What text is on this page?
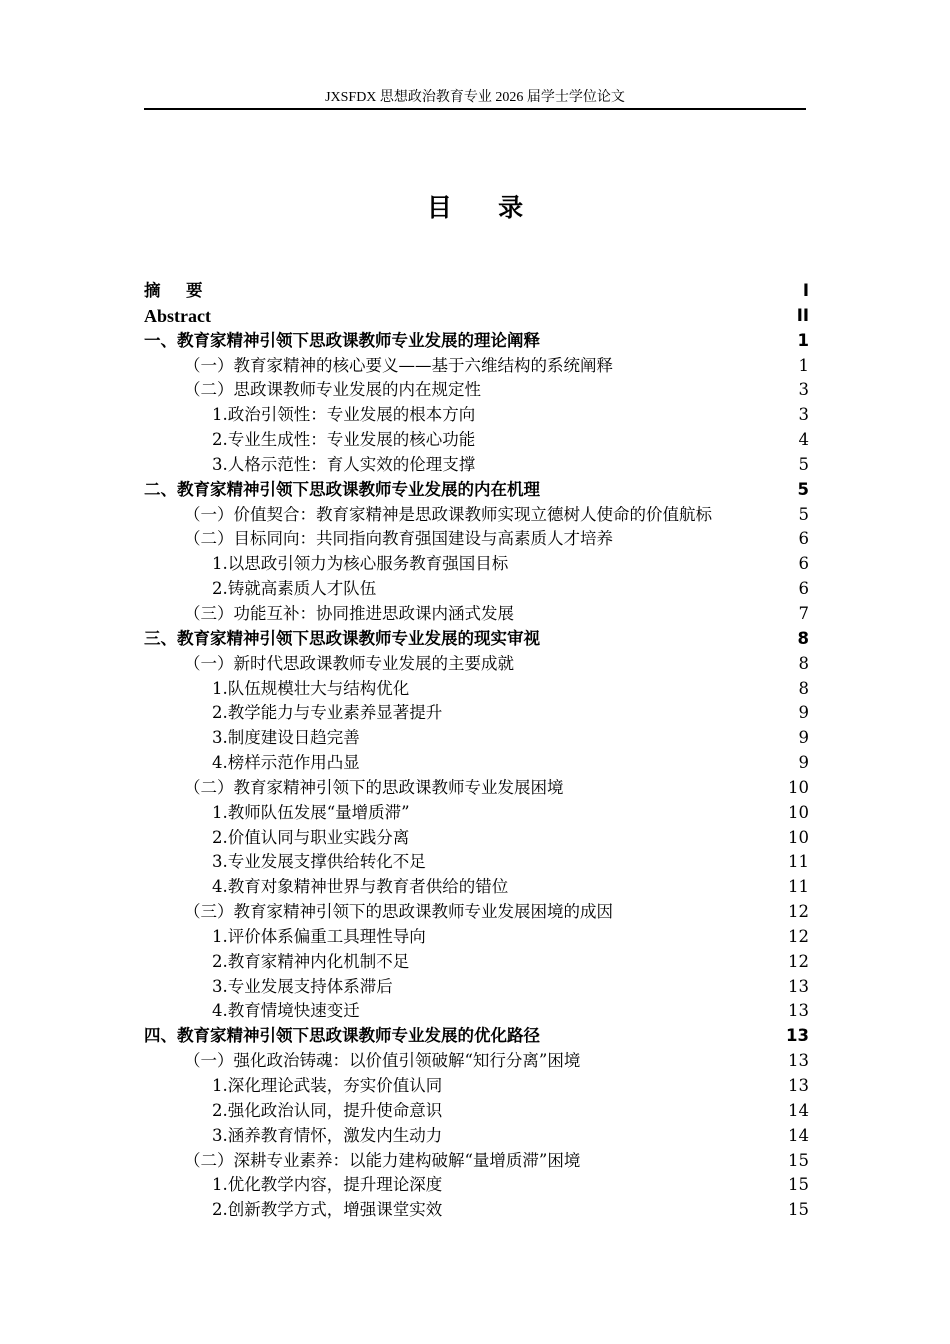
JXSFDX 思想政治教育专业 2026 届学士学位论文
目 录
摘 要	I
Abstract	II
一、教育家精神引领下思政课教师专业发展的理论阐释	1
（一）教育家精神的核心要义——基于六维结构的系统阐释	1
（二）思政课教师专业发展的内在规定性	3
1.政治引领性：专业发展的根本方向	3
2.专业生成性：专业发展的核心功能	4
3.人格示范性：育人实效的伦理支撑	5
二、教育家精神引领下思政课教师专业发展的内在机理	5
（一）价值契合：教育家精神是思政课教师实现立德树人使命的价值航标	5
（二）目标同向：共同指向教育强国建设与高素质人才培养	6
1.以思政引领力为核心服务教育强国目标	6
2.铸就高素质人才队伍	6
（三）功能互补：协同推进思政课内涵式发展	7
三、教育家精神引领下思政课教师专业发展的现实审视	8
（一）新时代思政课教师专业发展的主要成就	8
1.队伍规模壮大与结构优化	8
2.教学能力与专业素养显著提升	9
3.制度建设日趋完善	9
4.榜样示范作用凸显	9
（二）教育家精神引领下的思政课教师专业发展困境	10
1.教师队伍发展“量增质滞”	10
2.价值认同与职业实践分离	10
3.专业发展支撑供给转化不足	11
4.教育对象精神世界与教育者供给的错位	11
（三）教育家精神引领下的思政课教师专业发展困境的成因	12
1.评价体系偏重工具理性导向	12
2.教育家精神内化机制不足	12
3.专业发展支持体系滞后	13
4.教育情境快速变迁	13
四、教育家精神引领下思政课教师专业发展的优化路径	13
（一）强化政治铸魂：以价值引领破解“知行分离”困境	13
1.深化理论武装，夯实价值认同	13
2.强化政治认同，提升使命意识	14
3.涵养教育情怀，激发内生动力	14
（二）深耕专业素养：以能力建构破解“量增质滞”困境	15
1.优化教学内容，提升理论深度	15
2.创新教学方式，增强课堂实效	15
